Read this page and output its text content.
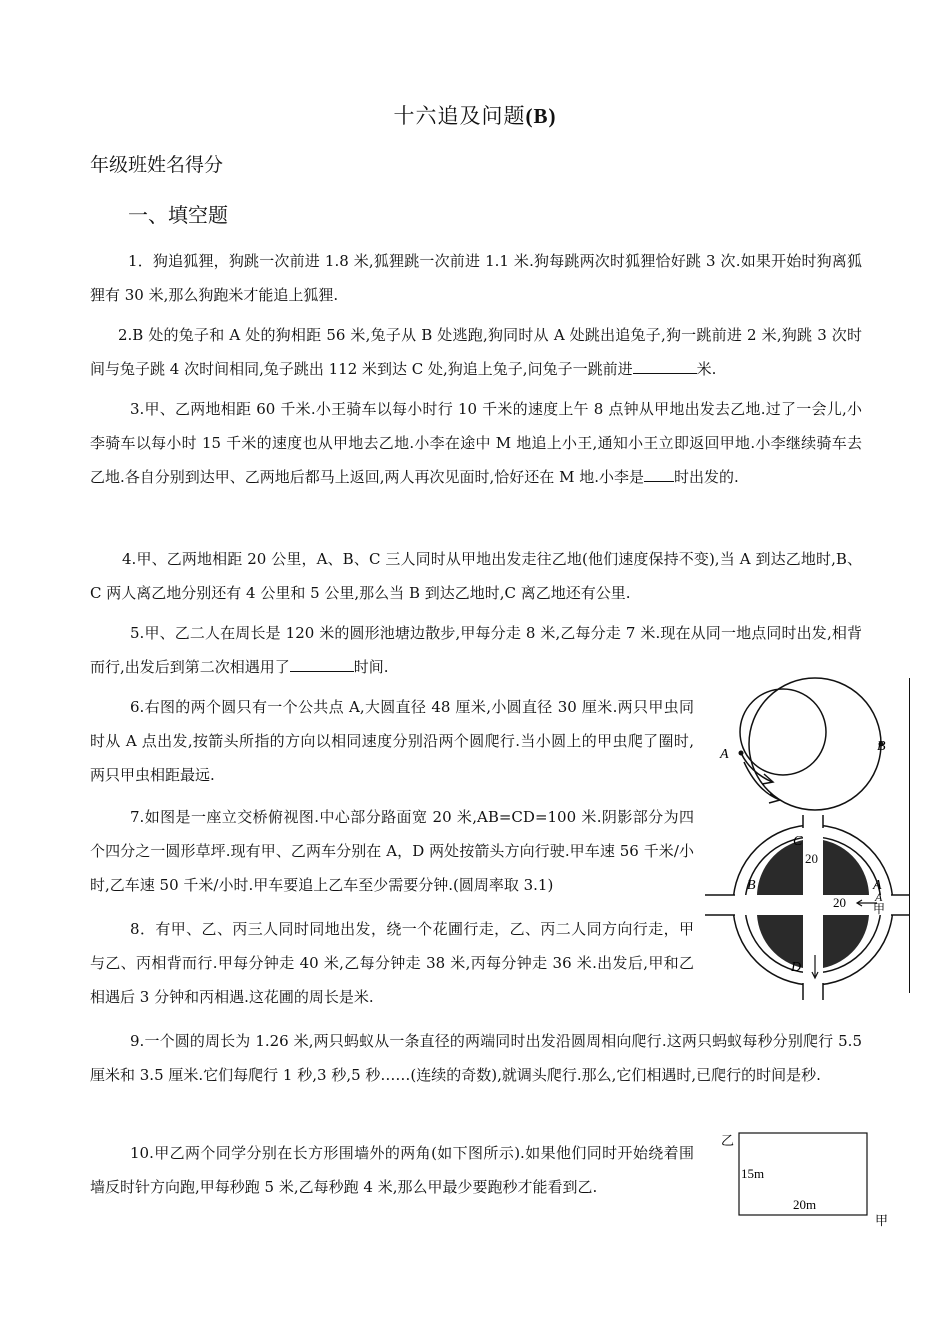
十六追及问题(B)
年级班姓名得分
一、填空题
1．狗追狐狸，狗跳一次前进 1.8 米,狐狸跳一次前进 1.1 米.狗每跳两次时狐狸恰好跳 3 次.如果开始时狗离狐狸有 30 米,那么狗跑米才能追上狐狸.
2.B 处的兔子和 A 处的狗相距 56 米,兔子从 B 处逃跑,狗同时从 A 处跳出追兔子,狗一跳前进 2 米,狗跳 3 次时间与兔子跳 4 次时间相同,兔子跳出 112 米到达 C 处,狗追上兔子,问兔子一跳前进	米.
3.甲、乙两地相距 60 千米.小王骑车以每小时行 10 千米的速度上午 8 点钟从甲地出发去乙地.过了一会儿,小李骑车以每小时 15 千米的速度也从甲地去乙地.小李在途中 M 地追上小王,通知小王立即返回甲地.小李继续骑车去乙地.各自分别到达甲、乙两地后都马上返回,两人再次见面时,恰好还在 M 地.小李是 时出发的.
4.甲、乙两地相距 20 公里，A、B、C 三人同时从甲地出发走往乙地(他们速度保持不变),当 A 到达乙地时,B、C 两人离乙地分别还有 4 公里和 5 公里,那么当 B 到达乙地时,C 离乙地还有公里.
5.甲、乙二人在周长是 120 米的圆形池塘边散步,甲每分走 8 米,乙每分走 7 米.现在从同一地点同时出发,相背而行,出发后到第二次相遇用了	时间.
6.右图的两个圆只有一个公共点 A,大圆直径 48 厘米,小圆直径 30 厘米.两只甲虫同时从 A 点出发,按箭头所指的方向以相同速度分别沿两个圆爬行.当小圆上的甲虫爬了圈时,两只甲虫相距最远.
7.如图是一座立交桥俯视图.中心部分路面宽 20 米,AB=CD=100 米.阴影部分为四个四分之一圆形草坪.现有甲、乙两车分别在 A，D 两处按箭头方向行驶.甲车速 56 千米/小时,乙车速 50 千米/小时.甲车要追上乙车至少需要分钟.(圆周率取 3.1)
8．有甲、乙、丙三人同时同地出发，绕一个花圃行走，乙、丙二人同方向行走，甲与乙、丙相背而行.甲每分钟走 40 米,乙每分钟走 38 米,丙每分钟走 36 米.出发后,甲和乙相遇后 3 分钟和丙相遇.这花圃的周长是米.
9.一个圆的周长为 1.26 米,两只蚂蚁从一条直径的两端同时出发沿圆周相向爬行.这两只蚂蚁每秒分别爬行 5.5 厘米和 3.5 厘米.它们每爬行 1 秒,3 秒,5 秒……(连续的奇数),就调头爬行.那么,它们相遇时,已爬行的时间是秒.
10.甲乙两个同学分别在长方形围墙外的两角(如下图所示).如果他们同时开始绕着围墙反时针方向跑,甲每秒跑 5 米,乙每秒跑 4 米,那么甲最少要跑秒才能看到乙.
A
B
C
20
B	A
20 A
甲
乙
D
乙
甲
15m
20m
